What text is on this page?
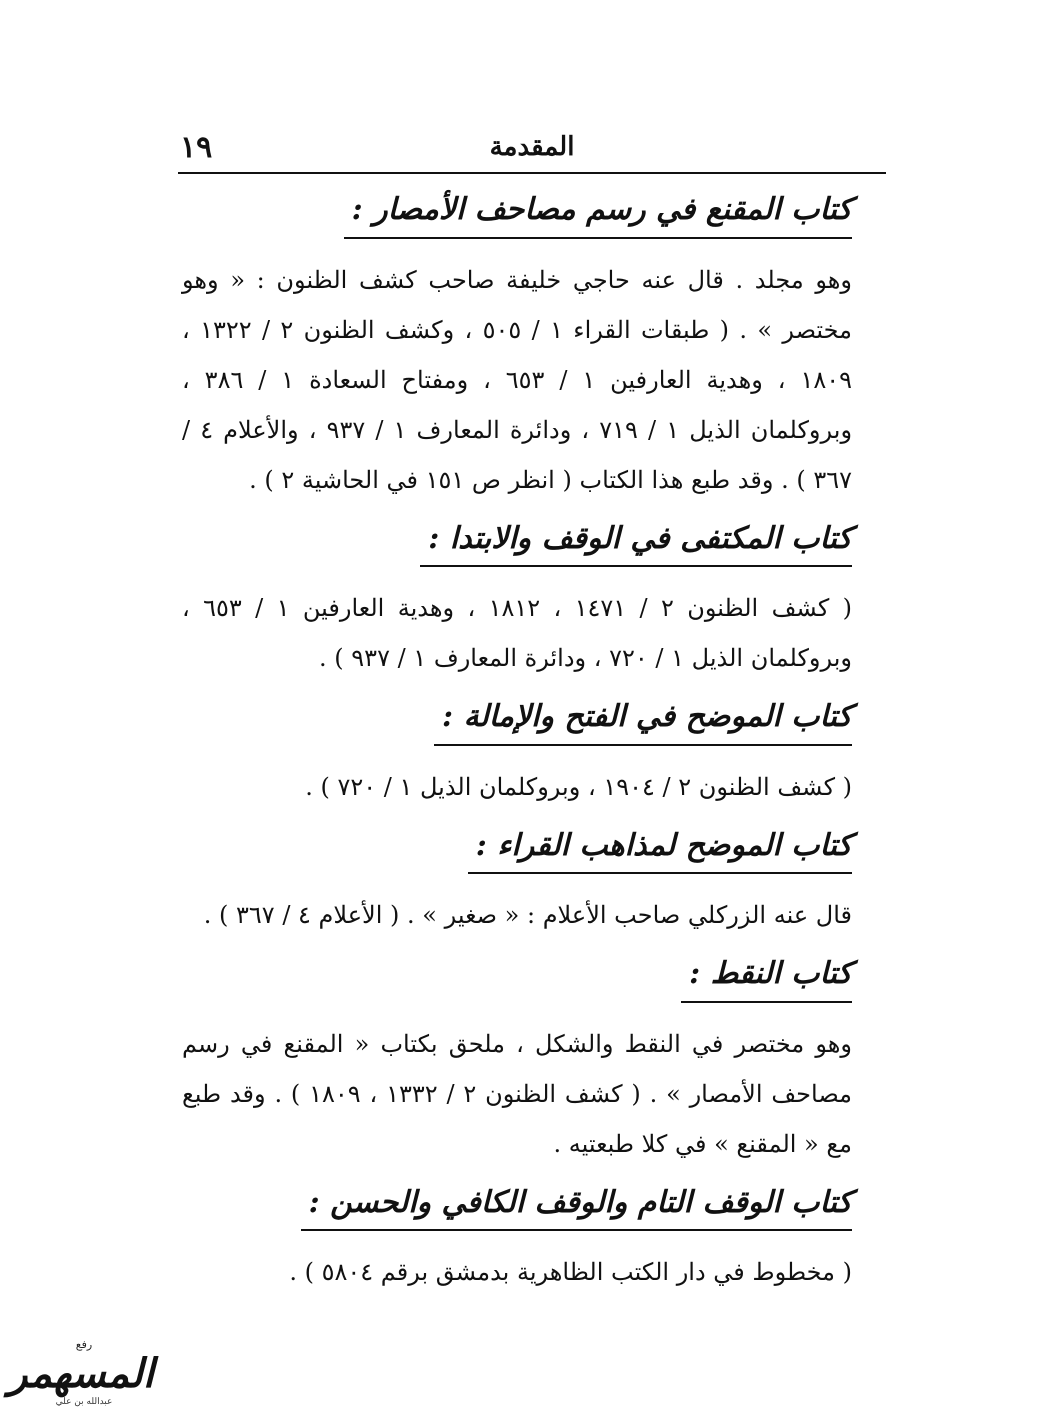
١٩	المقدمة
كتاب المقنع في رسم مصاحف الأمصار :

وهو مجلد . قال عنه حاجي خليفة صاحب كشف الظنون : « وهو مختصر » . ( طبقات القراء ١ / ٥٠٥ ، وكشف الظنون ٢ / ١٣٢٢ ، ١٨٠٩ ، وهدية العارفين ١ / ٦٥٣ ، ومفتاح السعادة ١ / ٣٨٦ ، وبروكلمان الذيل ١ / ٧١٩ ، ودائرة المعارف ١ / ٩٣٧ ، والأعلام ٤ / ٣٦٧ ) . وقد طبع هذا الكتاب ( انظر ص ١٥١ في الحاشية ٢ ) .

كتاب المكتفى في الوقف والابتدا :

( كشف الظنون ٢ / ١٤٧١ ، ١٨١٢ ، وهدية العارفين ١ / ٦٥٣ ، وبروكلمان الذيل ١ / ٧٢٠ ، ودائرة المعارف ١ / ٩٣٧ ) .

كتاب الموضح في الفتح والإمالة :

( كشف الظنون ٢ / ١٩٠٤ ، وبروكلمان الذيل ١ / ٧٢٠ ) .

كتاب الموضح لمذاهب القراء :

قال عنه الزركلي صاحب الأعلام : « صغير » . ( الأعلام ٤ / ٣٦٧ ) .

كتاب النقط :

وهو مختصر في النقط والشكل ، ملحق بكتاب « المقنع في رسم مصاحف الأمصار » . ( كشف الظنون ٢ / ١٣٣٢ ، ١٨٠٩ ) . وقد طبع مع « المقنع » في كلا طبعتيه .

كتاب الوقف التام والوقف الكافي والحسن :

( مخطوط في دار الكتب الظاهرية بدمشق برقم ٥٨٠٤ ) .

رفع
المسهمر
عبدالله بن علي
